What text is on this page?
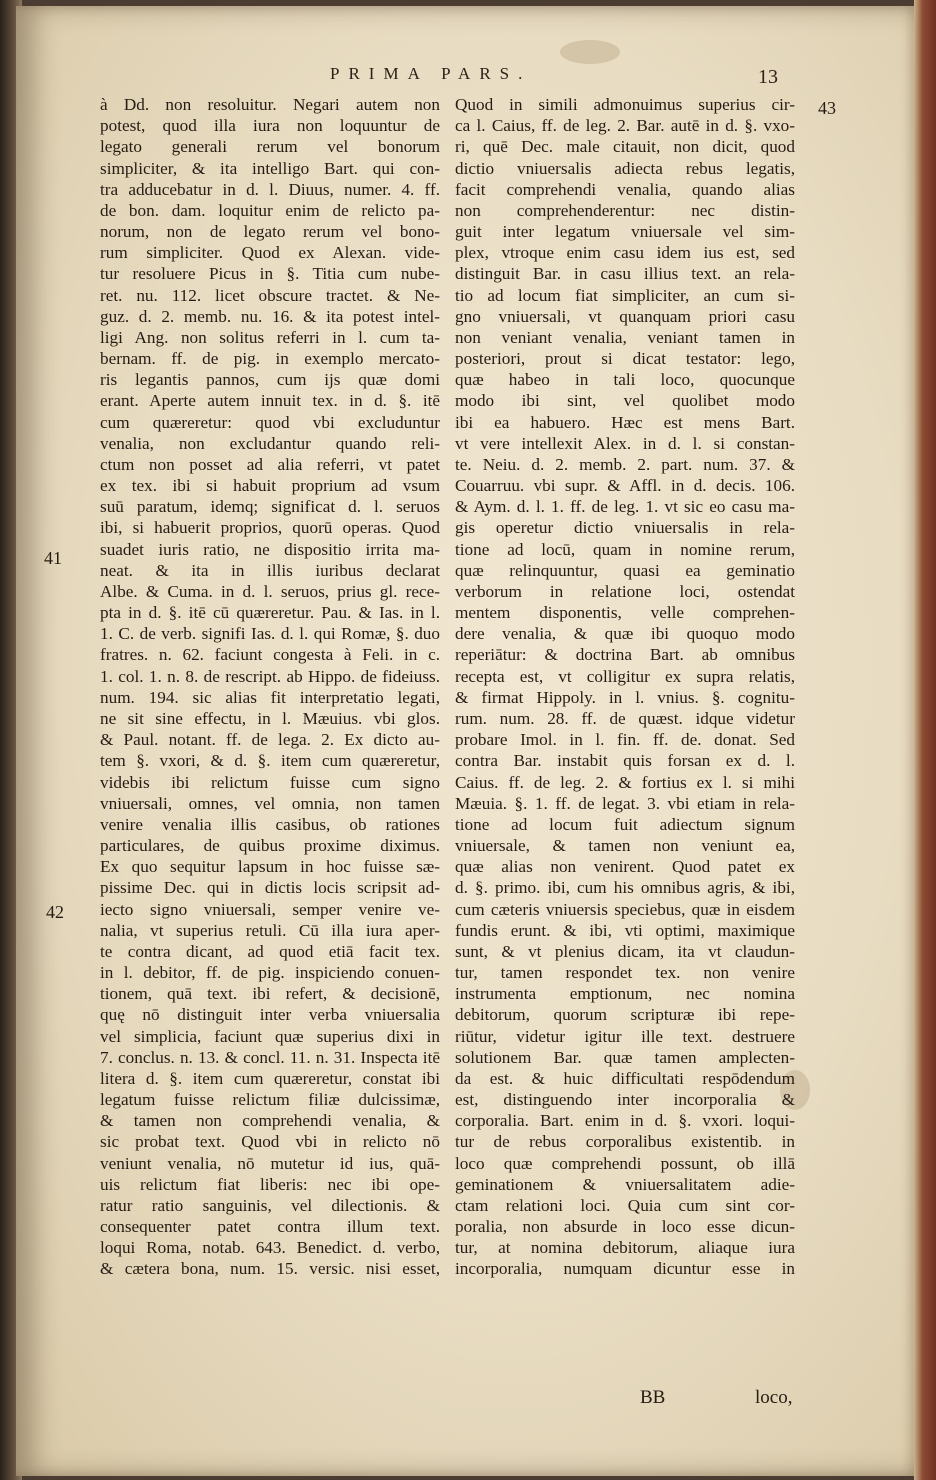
PRIMA PARS.	13
41
42
43
à Dd. non resoluitur. Negari autem non
potest, quod illa iura non loquuntur de
legato generali rerum vel bonorum
simpliciter, & ita intelligo Bart. qui con-
tra adducebatur in d. l. Diuus, numer. 4. ff.
de bon. dam. loquitur enim de relicto pa-
norum, non de legato rerum vel bono-
rum simpliciter. Quod ex Alexan. vide-
tur resoluere Picus in §. Titia cum nube-
ret. nu. 112. licet obscure tractet. & Ne-
guz. d. 2. memb. nu. 16. & ita potest intel-
ligi Ang. non solitus referri in l. cum ta-
bernam. ff. de pig. in exemplo mercato-
ris legantis pannos, cum ijs quæ domi
erant. Aperte autem innuit tex. in d. §. itē
cum quæreretur: quod vbi excluduntur
venalia, non excludantur quando reli-
ctum non posset ad alia referri, vt patet
ex tex. ibi si habuit proprium ad vsum
suū paratum, idemq; significat d. l. seruos
ibi, si habuerit proprios, quorū operas. Quod
suadet iuris ratio, ne dispositio irrita ma-
neat. & ita in illis iuribus declarat
Albe. & Cuma. in d. l. seruos, prius gl. rece-
pta in d. §. itē cū quæreretur. Pau. & Ias. in l.
1. C. de verb. signifi Ias. d. l. qui Romæ, §. duo
fratres. n. 62. faciunt congesta à Feli. in c.
1. col. 1. n. 8. de rescript. ab Hippo. de fideiuss.
num. 194. sic alias fit interpretatio legati,
ne sit sine effectu, in l. Mæuius. vbi glos.
& Paul. notant. ff. de lega. 2. Ex dicto au-
tem §. vxori, & d. §. item cum quæreretur,
videbis ibi relictum fuisse cum signo
vniuersali, omnes, vel omnia, non tamen
venire venalia illis casibus, ob rationes
particulares, de quibus proxime diximus.
Ex quo sequitur lapsum in hoc fuisse sæ-
pissime Dec. qui in dictis locis scripsit ad-
iecto signo vniuersali, semper venire ve-
nalia, vt superius retuli. Cū illa iura aper-
te contra dicant, ad quod etiā facit tex.
in l. debitor, ff. de pig. inspiciendo conuen-
tionem, quā text. ibi refert, & decisionē,
quę nō distinguit inter verba vniuersalia
vel simplicia, faciunt quæ superius dixi in
7. conclus. n. 13. & concl. 11. n. 31. Inspecta itē
litera d. §. item cum quæreretur, constat ibi
legatum fuisse relictum filiæ dulcissimæ,
& tamen non comprehendi venalia, &
sic probat text. Quod vbi in relicto nō
veniunt venalia, nō mutetur id ius, quā-
uis relictum fiat liberis: nec ibi ope-
ratur ratio sanguinis, vel dilectionis. &
consequenter patet contra illum text.
loqui Roma, notab. 643. Benedict. d. verbo,
& cætera bona, num. 15. versic. nisi esset,
Quod in simili admonuimus superius cir-
ca l. Caius, ff. de leg. 2. Bar. autē in d. §. vxo-
ri, quē Dec. male citauit, non dicit, quod
dictio vniuersalis adiecta rebus legatis,
facit comprehendi venalia, quando alias
non comprehenderentur: nec distin-
guit inter legatum vniuersale vel sim-
plex, vtroque enim casu idem ius est, sed
distinguit Bar. in casu illius text. an rela-
tio ad locum fiat simpliciter, an cum si-
gno vniuersali, vt quanquam priori casu
non veniant venalia, veniant tamen in
posteriori, prout si dicat testator: lego,
quæ habeo in tali loco, quocunque
modo ibi sint, vel quolibet modo
ibi ea habuero. Hæc est mens Bart.
vt vere intellexit Alex. in d. l. si constan-
te. Neiu. d. 2. memb. 2. part. num. 37. &
Couarruu. vbi supr. & Affl. in d. decis. 106.
& Aym. d. l. 1. ff. de leg. 1. vt sic eo casu ma-
gis operetur dictio vniuersalis in rela-
tione ad locū, quam in nomine rerum,
quæ relinquuntur, quasi ea geminatio
verborum in relatione loci, ostendat
mentem disponentis, velle comprehen-
dere venalia, & quæ ibi quoquo modo
reperiātur: & doctrina Bart. ab omnibus
recepta est, vt colligitur ex supra relatis,
& firmat Hippoly. in l. vnius. §. cognitu-
rum. num. 28. ff. de quæst. idque videtur
probare Imol. in l. fin. ff. de. donat. Sed
contra Bar. instabit quis forsan ex d. l.
Caius. ff. de leg. 2. & fortius ex l. si mihi
Mæuia. §. 1. ff. de legat. 3. vbi etiam in rela-
tione ad locum fuit adiectum signum
vniuersale, & tamen non veniunt ea,
quæ alias non venirent. Quod patet ex
d. §. primo. ibi, cum his omnibus agris, & ibi,
cum cæteris vniuersis speciebus, quæ in eisdem
fundis erunt. & ibi, vti optimi, maximique
sunt, & vt plenius dicam, ita vt claudun-
tur, tamen respondet tex. non venire
instrumenta emptionum, nec nomina
debitorum, quorum scripturæ ibi repe-
riūtur, videtur igitur ille text. destruere
solutionem Bar. quæ tamen amplecten-
da est. & huic difficultati respōdendum
est, distinguendo inter incorporalia &
corporalia. Bart. enim in d. §. vxori. loqui-
tur de rebus corporalibus existentib. in
loco quæ comprehendi possunt, ob illā
geminationem & vniuersalitatem adie-
ctam relationi loci. Quia cum sint cor-
poralia, non absurde in loco esse dicun-
tur, at nomina debitorum, aliaque iura
incorporalia, numquam dicuntur esse in
BB	loco,
